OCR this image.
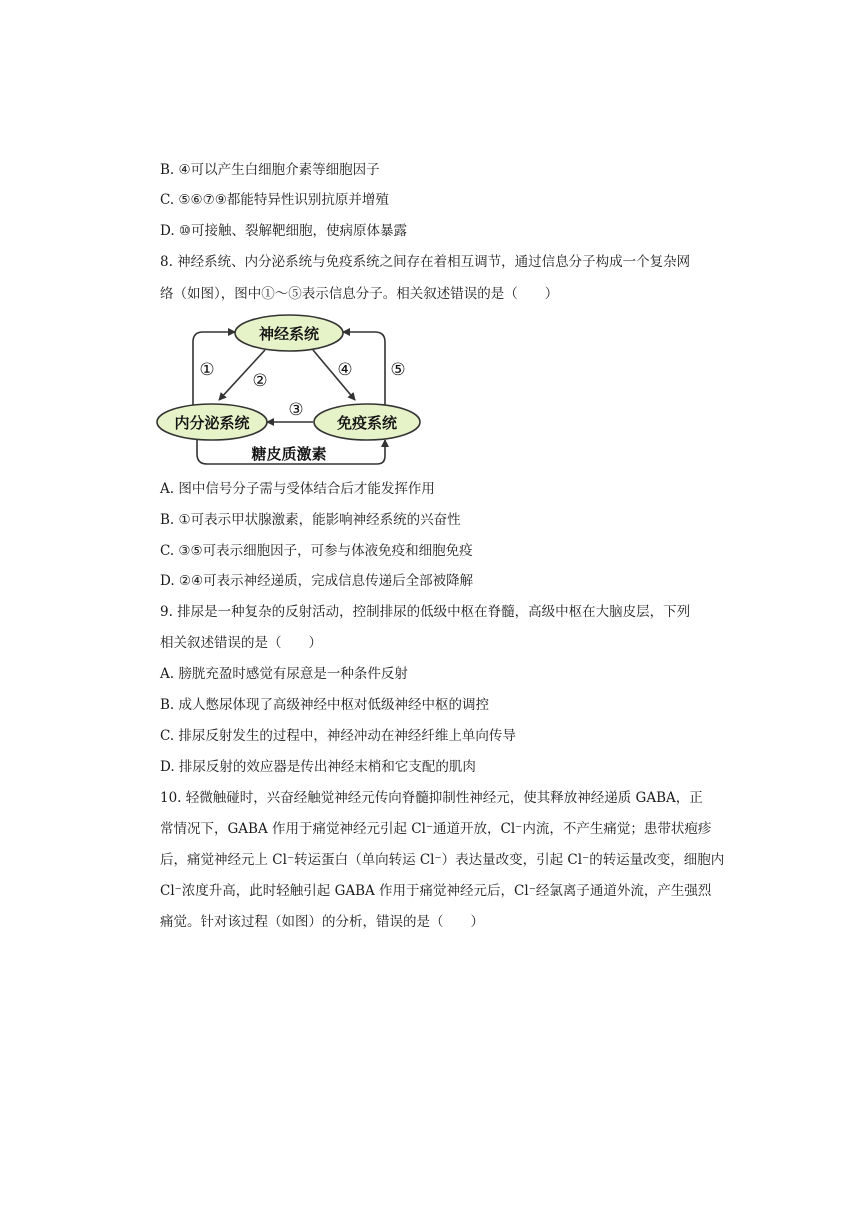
B. ④可以产生白细胞介素等细胞因子
C. ⑤⑥⑦⑨都能特异性识别抗原并增殖
D. ⑩可接触、裂解靶细胞，使病原体暴露
8. 神经系统、内分泌系统与免疫系统之间存在着相互调节，通过信息分子构成一个复杂网
络（如图），图中①～⑤表示信息分子。相关叙述错误的是（　　）
神经系统
内分泌系统	免疫系统
①
②
④ ⑤
③
糖皮质激素
A. 图中信号分子需与受体结合后才能发挥作用
B. ①可表示甲状腺激素，能影响神经系统的兴奋性
C. ③⑤可表示细胞因子，可参与体液免疫和细胞免疫
D. ②④可表示神经递质，完成信息传递后全部被降解
9. 排尿是一种复杂的反射活动，控制排尿的低级中枢在脊髓，高级中枢在大脑皮层，下列
相关叙述错误的是（　　）
A. 膀胱充盈时感觉有尿意是一种条件反射
B. 成人憋尿体现了高级神经中枢对低级神经中枢的调控
C. 排尿反射发生的过程中，神经冲动在神经纤维上单向传导
D. 排尿反射的效应器是传出神经末梢和它支配的肌肉
10. 轻微触碰时，兴奋经触觉神经元传向脊髓抑制性神经元，使其释放神经递质 GABA，正
常情况下，GABA 作用于痛觉神经元引起 Cl⁻通道开放，Cl⁻内流，不产生痛觉；患带状疱疹
后，痛觉神经元上 Cl⁻转运蛋白（单向转运 Cl⁻）表达量改变，引起 Cl⁻的转运量改变，细胞内
Cl⁻浓度升高，此时轻触引起 GABA 作用于痛觉神经元后，Cl⁻经氯离子通道外流，产生强烈
痛觉。针对该过程（如图）的分析，错误的是（　　）
